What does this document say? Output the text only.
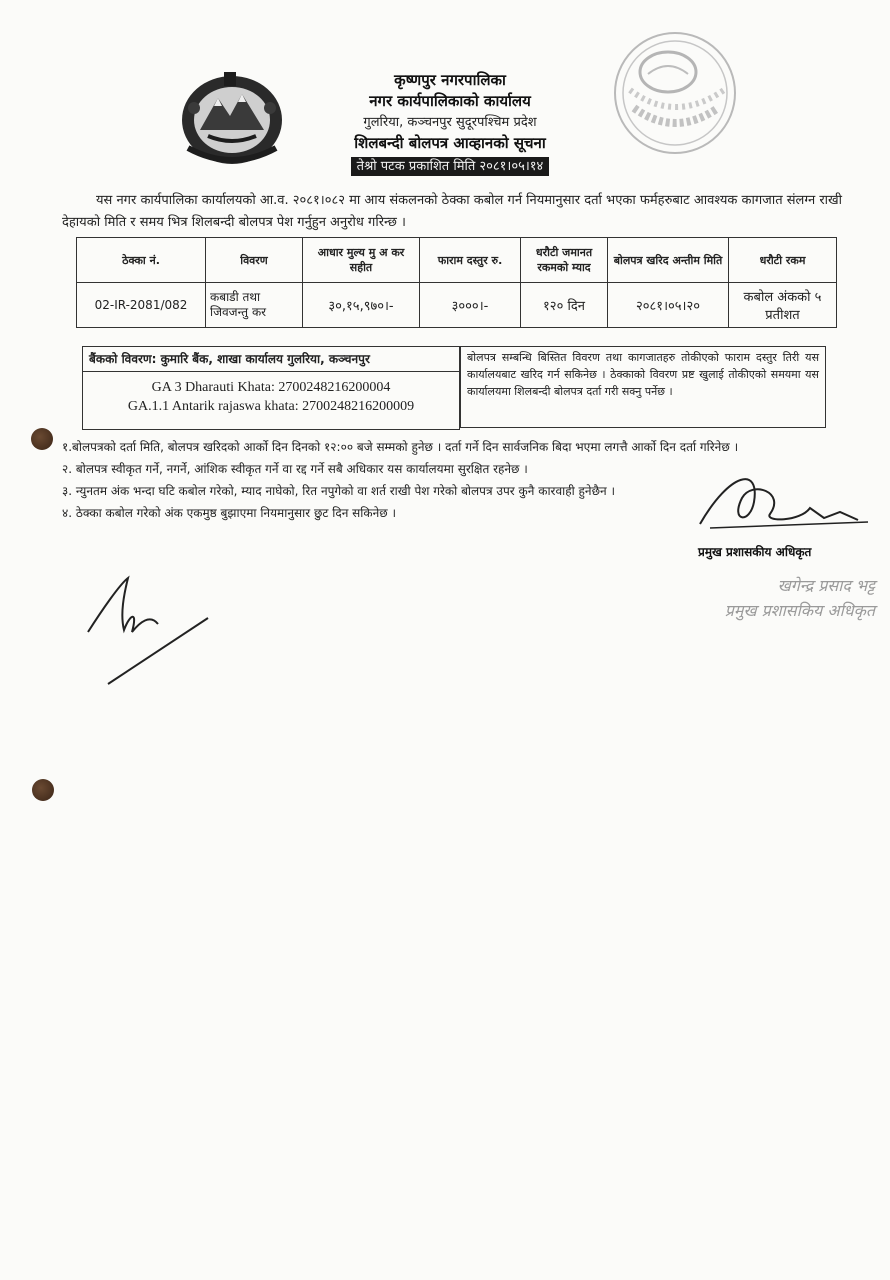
कृष्णपुर नगरपालिका
नगर कार्यपालिकाको कार्यालय
गुलरिया, कञ्चनपुर सुदूरपश्चिम प्रदेश
शिलबन्दी बोलपत्र आव्हानको सूचना
तेश्रो पटक प्रकाशित मिति २०८१।०५।१४
यस नगर कार्यपालिका कार्यालयको आ.व. २०८१।०८२ मा आय संकलनको ठेक्का कबोल गर्न नियमानुसार दर्ता भएका फर्महरुबाट आवश्यक कागजात संलग्न राखी देहायको मिति र समय भित्र शिलबन्दी बोलपत्र पेश गर्नुहुन अनुरोध गरिन्छ ।
ठेक्का नं.	विवरण	आधार मुल्य मु अ कर सहीत	फाराम दस्तुर रु.	धरौटी जमानत रकमको म्याद	बोलपत्र खरिद अन्तीम मिति	धरौटी रकम
02-IR-2081/082	कबाडी तथा जिवजन्तु कर	३०,१५,९७०।-	३०००।-	१२० दिन	२०८१।०५।२०	कबोल अंकको ५ प्रतीशत
बैंकको विवरण: कुमारि बैंक, शाखा कार्यालय गुलरिया, कञ्चनपुर
GA 3 Dharauti Khata: 2700248216200004
GA.1.1 Antarik rajaswa khata: 2700248216200009
बोलपत्र सम्बन्धि बिस्तित विवरण तथा कागजातहरु तोकीएको फाराम दस्तुर तिरी यस कार्यालयबाट खरिद गर्न सकिनेछ । ठेक्काको विवरण प्रष्ट खुलाई तोकीएको समयमा यस कार्यालयमा शिलबन्दी बोलपत्र दर्ता गरी सक्नु पर्नेछ ।
१.बोलपत्रको दर्ता मिति, बोलपत्र खरिदको आर्को दिन दिनको १२:०० बजे सम्मको हुनेछ । दर्ता गर्ने दिन सार्वजनिक बिदा भएमा लगत्तै आर्को दिन दर्ता गरिनेछ ।
२. बोलपत्र स्वीकृत गर्ने, नगर्ने, आंशिक स्वीकृत गर्ने वा रद्द गर्ने सबै अधिकार यस कार्यालयमा सुरक्षित रहनेछ ।
३. न्युनतम अंक भन्दा घटि कबोल गरेको, म्याद नाघेको, रित नपुगेको वा शर्त राखी पेश गरेको बोलपत्र उपर कुनै कारवाही हुनेछैन ।
४. ठेक्का कबोल गरेको अंक एकमुष्ठ बुझाएमा नियमानुसार छुट दिन सकिनेछ ।
प्रमुख प्रशासकीय अधिकृत
खगेन्द्र प्रसाद भट्ट
प्रमुख प्रशासकिय अधिकृत
